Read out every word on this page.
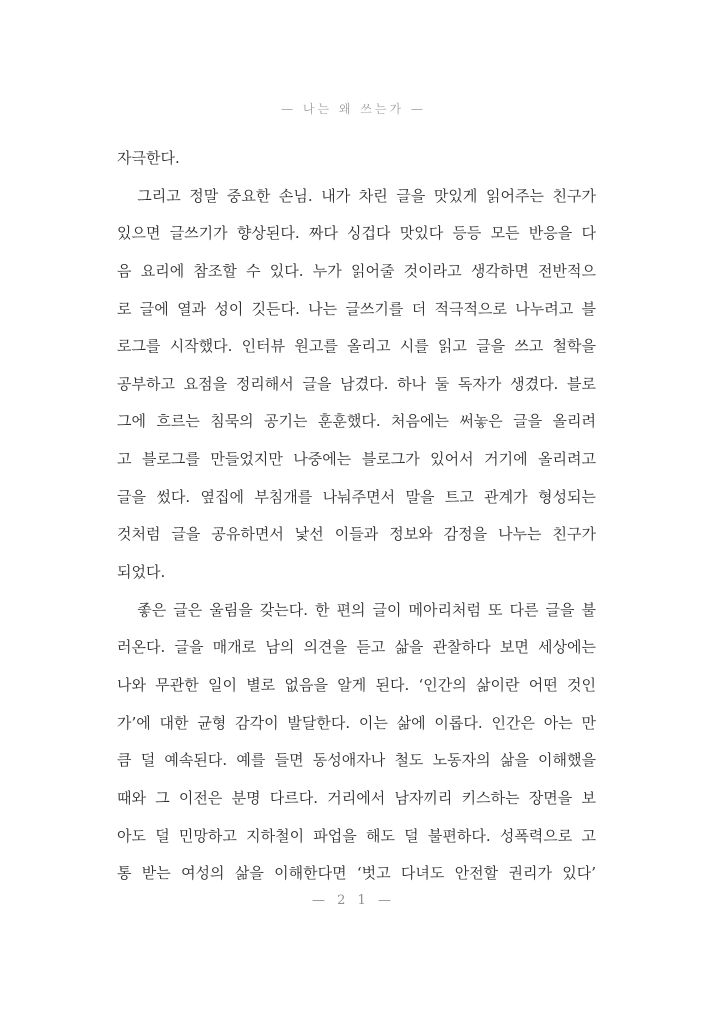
— 나는 왜 쓰는가 —
자극한다.
그리고 정말 중요한 손님. 내가 차린 글을 맛있게 읽어주는 친구가
있으면 글쓰기가 향상된다. 짜다 싱겁다 맛있다 등등 모든 반응을 다
음 요리에 참조할 수 있다. 누가 읽어줄 것이라고 생각하면 전반적으
로 글에 열과 성이 깃든다. 나는 글쓰기를 더 적극적으로 나누려고 블
로그를 시작했다. 인터뷰 원고를 올리고 시를 읽고 글을 쓰고 철학을
공부하고 요점을 정리해서 글을 남겼다. 하나 둘 독자가 생겼다. 블로
그에 흐르는 침묵의 공기는 훈훈했다. 처음에는 써놓은 글을 올리려
고 블로그를 만들었지만 나중에는 블로그가 있어서 거기에 올리려고
글을 썼다. 옆집에 부침개를 나눠주면서 말을 트고 관계가 형성되는
것처럼 글을 공유하면서 낯선 이들과 정보와 감정을 나누는 친구가
되었다.
좋은 글은 울림을 갖는다. 한 편의 글이 메아리처럼 또 다른 글을 불
러온다. 글을 매개로 남의 의견을 듣고 삶을 관찰하다 보면 세상에는
나와 무관한 일이 별로 없음을 알게 된다. ‘인간의 삶이란 어떤 것인
가’에 대한 균형 감각이 발달한다. 이는 삶에 이롭다. 인간은 아는 만
큼 덜 예속된다. 예를 들면 동성애자나 철도 노동자의 삶을 이해했을
때와 그 이전은 분명 다르다. 거리에서 남자끼리 키스하는 장면을 보
아도 덜 민망하고 지하철이 파업을 해도 덜 불편하다. 성폭력으로 고
통 받는 여성의 삶을 이해한다면 ‘벗고 다녀도 안전할 권리가 있다’
— 2 1 —
